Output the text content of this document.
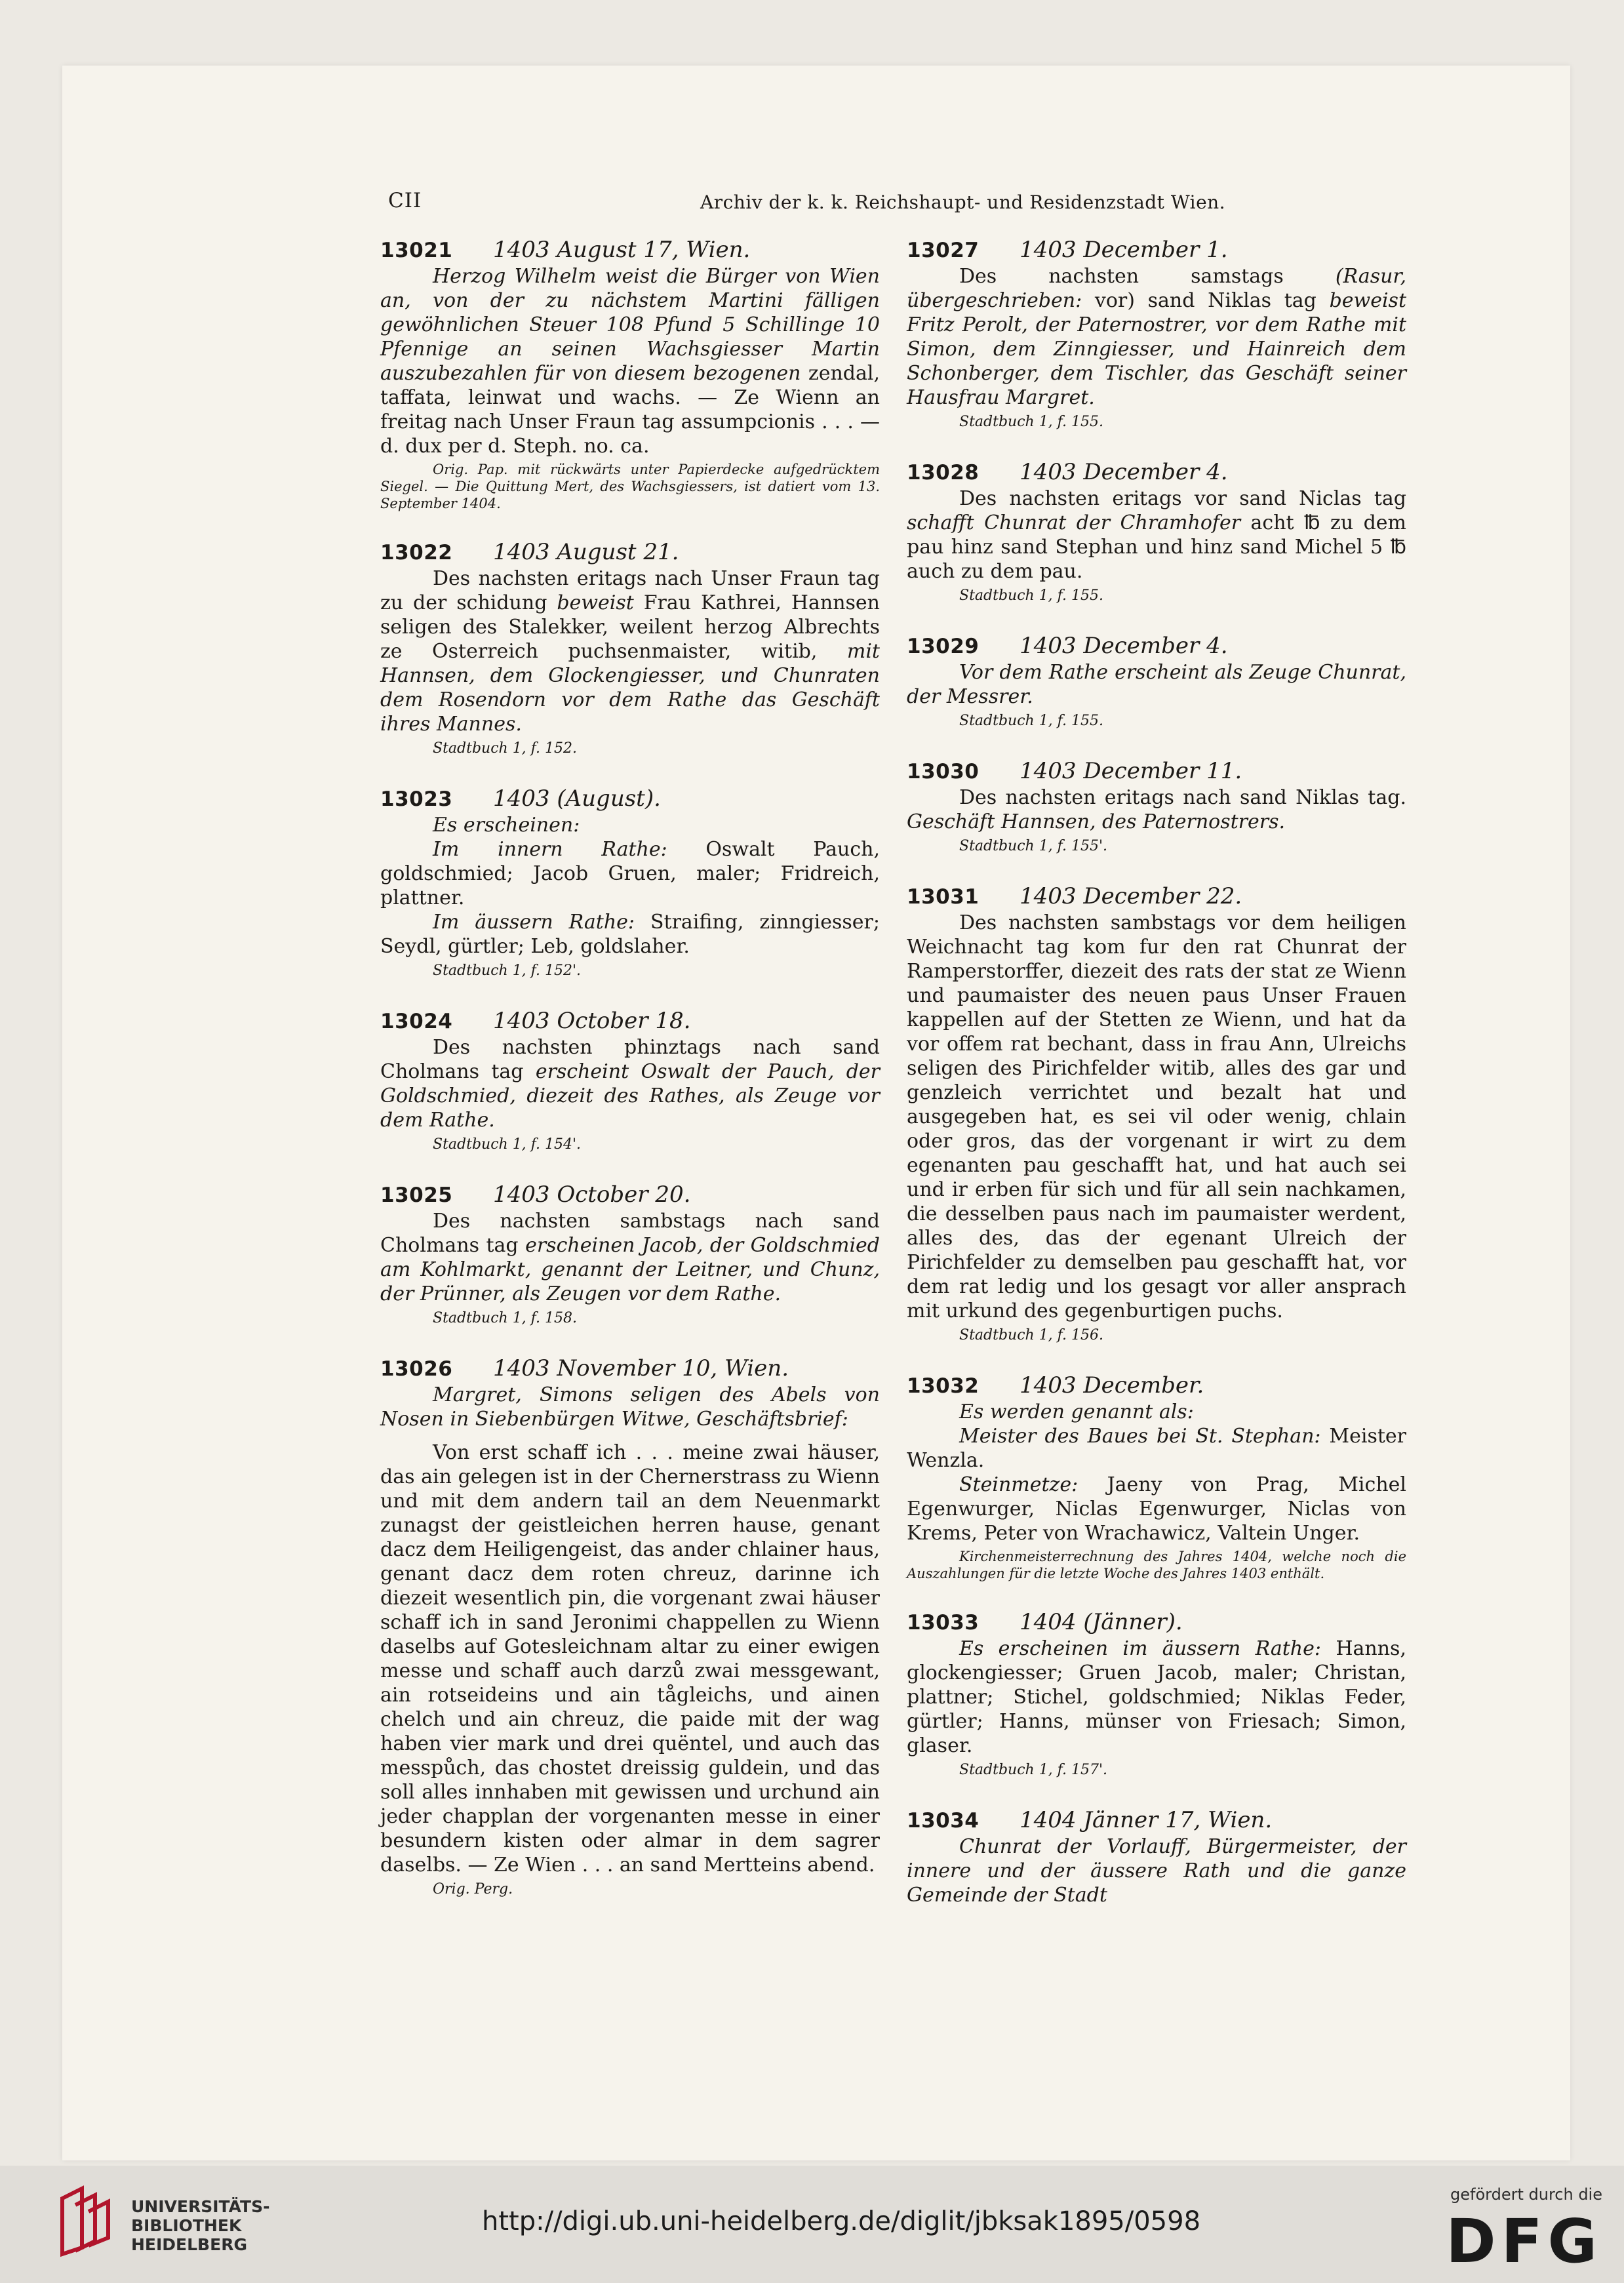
CII	Archiv der k. k. Reichshaupt- und Residenzstadt Wien.
13021	1403 August 17, Wien.

Herzog Wilhelm weist die Bürger von Wien an, von der zu nächstem Martini fälligen gewöhnlichen Steuer 108 Pfund 5 Schillinge 10 Pfennige an seinen Wachsgiesser Martin auszubezahlen für von diesem bezogenen zendal, taffata, leinwat und wachs. — Ze Wienn an freitag nach Unser Fraun tag assumpcionis . . . — d. dux per d. Steph. no. ca.

Orig. Pap. mit rückwärts unter Papierdecke aufgedrücktem Siegel. — Die Quittung Mert, des Wachsgiessers, ist datiert vom 13. September 1404.

13022	1403 August 21.

Des nachsten eritags nach Unser Fraun tag zu der schidung beweist Frau Kathrei, Hannsen seligen des Stalekker, weilent herzog Albrechts ze Osterreich puchsenmaister, witib, mit Hannsen, dem Glockengiesser, und Chunraten dem Rosendorn vor dem Rathe das Geschäft ihres Mannes.

Stadtbuch 1, f. 152.
13023	1403 (August).

Es erscheinen:

Im innern Rathe: Oswalt Pauch, goldschmied; Jacob Gruen, maler; Fridreich, plattner.

Im äussern Rathe: Straifing, zinngiesser; Seydl, gürtler; Leb, goldslaher.

Stadtbuch 1, f. 152'.
13024	1403 October 18.

Des nachsten phinztags nach sand Cholmans tag erscheint Oswalt der Pauch, der Goldschmied, diezeit des Rathes, als Zeuge vor dem Rathe.

Stadtbuch 1, f. 154'.
13025	1403 October 20.

Des nachsten sambstags nach sand Cholmans tag erscheinen Jacob, der Goldschmied am Kohlmarkt, genannt der Leitner, und Chunz, der Prünner, als Zeugen vor dem Rathe.

Stadtbuch 1, f. 158.
13026	1403 November 10, Wien.

Margret, Simons seligen des Abels von Nosen in Siebenbürgen Witwe, Geschäftsbrief:

Von erst schaff ich . . . meine zwai häuser, das ain gelegen ist in der Chernerstrass zu Wienn und mit dem andern tail an dem Neuenmarkt zunagst der geistleichen herren hause, genant dacz dem Heiligengeist, das ander chlainer haus, genant dacz dem roten chreuz, darinne ich diezeit wesentlich pin, die vorgenant zwai häuser schaff ich in sand Jeronimi chappellen zu Wienn daselbs auf Gotesleichnam altar zu einer ewigen messe und schaff auch darzů zwai messgewant, ain rotseideins und ain tågleichs, und ainen chelch und ain chreuz, die paide mit der wag haben vier mark und drei quëntel, und auch das messpůch, das chostet dreissig guldein, und das soll alles innhaben mit gewissen und urchund ain jeder chapplan der vorgenanten messe in einer besundern kisten oder almar in dem sagrer daselbs. — Ze Wien . . . an sand Mertteins abend.

Orig. Perg.
13027	1403 December 1.

Des nachsten samstags (Rasur, übergeschrieben: vor) sand Niklas tag beweist Fritz Perolt, der Paternostrer, vor dem Rathe mit Simon, dem Zinngiesser, und Hainreich dem Schonberger, dem Tischler, das Geschäft seiner Hausfrau Margret.

Stadtbuch 1, f. 155.
13028	1403 December 4.

Des nachsten eritags vor sand Niclas tag schafft Chunrat der Chramhofer acht ℔ zu dem pau hinz sand Stephan und hinz sand Michel 5 ℔ auch zu dem pau.

Stadtbuch 1, f. 155.
13029	1403 December 4.

Vor dem Rathe erscheint als Zeuge Chunrat, der Messrer.

Stadtbuch 1, f. 155.
13030	1403 December 11.

Des nachsten eritags nach sand Niklas tag. Geschäft Hannsen, des Paternostrers.

Stadtbuch 1, f. 155'.
13031	1403 December 22.

Des nachsten sambstags vor dem heiligen Weichnacht tag kom fur den rat Chunrat der Ramperstorffer, diezeit des rats der stat ze Wienn und paumaister des neuen paus Unser Frauen kappellen auf der Stetten ze Wienn, und hat da vor offem rat bechant, dass in frau Ann, Ulreichs seligen des Pirichfelder witib, alles des gar und genzleich verrichtet und bezalt hat und ausgegeben hat, es sei vil oder wenig, chlain oder gros, das der vorgenant ir wirt zu dem egenanten pau geschafft hat, und hat auch sei und ir erben für sich und für all sein nachkamen, die desselben paus nach im paumaister werdent, alles des, das der egenant Ulreich der Pirichfelder zu demselben pau geschafft hat, vor dem rat ledig und los gesagt vor aller ansprach mit urkund des gegenburtigen puchs.

Stadtbuch 1, f. 156.
13032	1403 December.

Es werden genannt als:

Meister des Baues bei St. Stephan: Meister Wenzla.

Steinmetze: Jaeny von Prag, Michel Egenwurger, Niclas Egenwurger, Niclas von Krems, Peter von Wrachawicz, Valtein Unger.

Kirchenmeisterrechnung des Jahres 1404, welche noch die Auszahlungen für die letzte Woche des Jahres 1403 enthält.

13033	1404 (Jänner).

Es erscheinen im äussern Rathe: Hanns, glockengiesser; Gruen Jacob, maler; Christan, plattner; Stichel, goldschmied; Niklas Feder, gürtler; Hanns, münser von Friesach; Simon, glaser.

Stadtbuch 1, f. 157'.
13034	1404 Jänner 17, Wien.

Chunrat der Vorlauff, Bürgermeister, der innere und der äussere Rath und die ganze Gemeinde der Stadt

UNIVERSITÄTS-
BIBLIOTHEK
HEIDELBERG
http://digi.ub.uni-heidelberg.de/diglit/jbksak1895/0598
gefördert durch die
DFG
